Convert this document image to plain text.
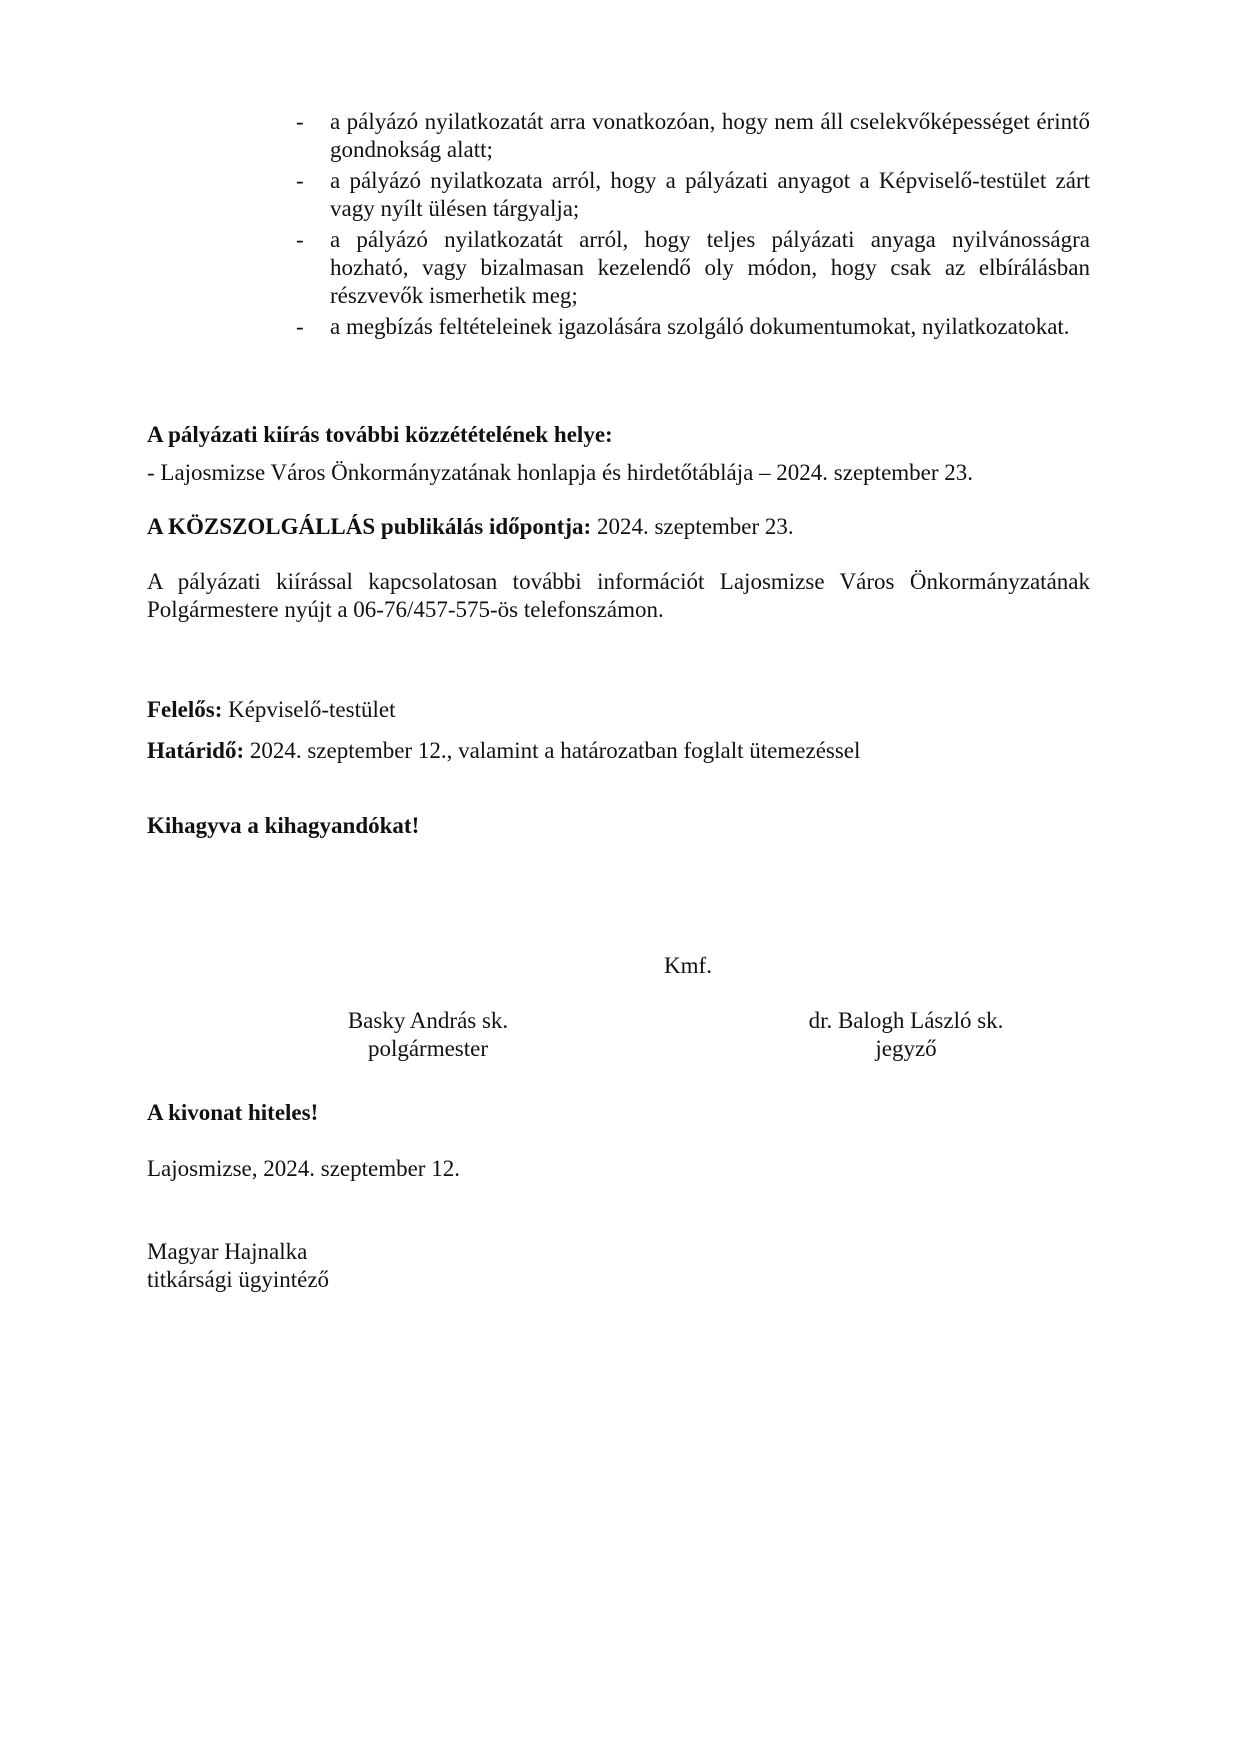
- a pályázó nyilatkozatát arra vonatkozóan, hogy nem áll cselekvőképességet érintő gondnokság alatt;
- a pályázó nyilatkozata arról, hogy a pályázati anyagot a Képviselő-testület zárt vagy nyílt ülésen tárgyalja;
- a pályázó nyilatkozatát arról, hogy teljes pályázati anyaga nyilvánosságra hozható, vagy bizalmasan kezelendő oly módon, hogy csak az elbírálásban részvevők ismerhetik meg;
- a megbízás feltételeinek igazolására szolgáló dokumentumokat, nyilatkozatokat.

A pályázati kiírás további közzétételének helye:

- Lajosmizse Város Önkormányzatának honlapja és hirdetőtáblája – 2024. szeptember 23.

A KÖZSZOLGÁLLÁS publikálás időpontja: 2024. szeptember 23.

A pályázati kiírással kapcsolatosan további információt Lajosmizse Város Önkormányzatának Polgármestere nyújt a 06-76/457-575-ös telefonszámon.

Felelős: Képviselő-testület

Határidő: 2024. szeptember 12., valamint a határozatban foglalt ütemezéssel

Kihagyva a kihagyandókat!

Kmf.
Basky András sk.
polgármester
dr. Balogh László sk.
jegyző

A kivonat hiteles!

Lajosmizse, 2024. szeptember 12.

Magyar Hajnalka
titkársági ügyintéző
